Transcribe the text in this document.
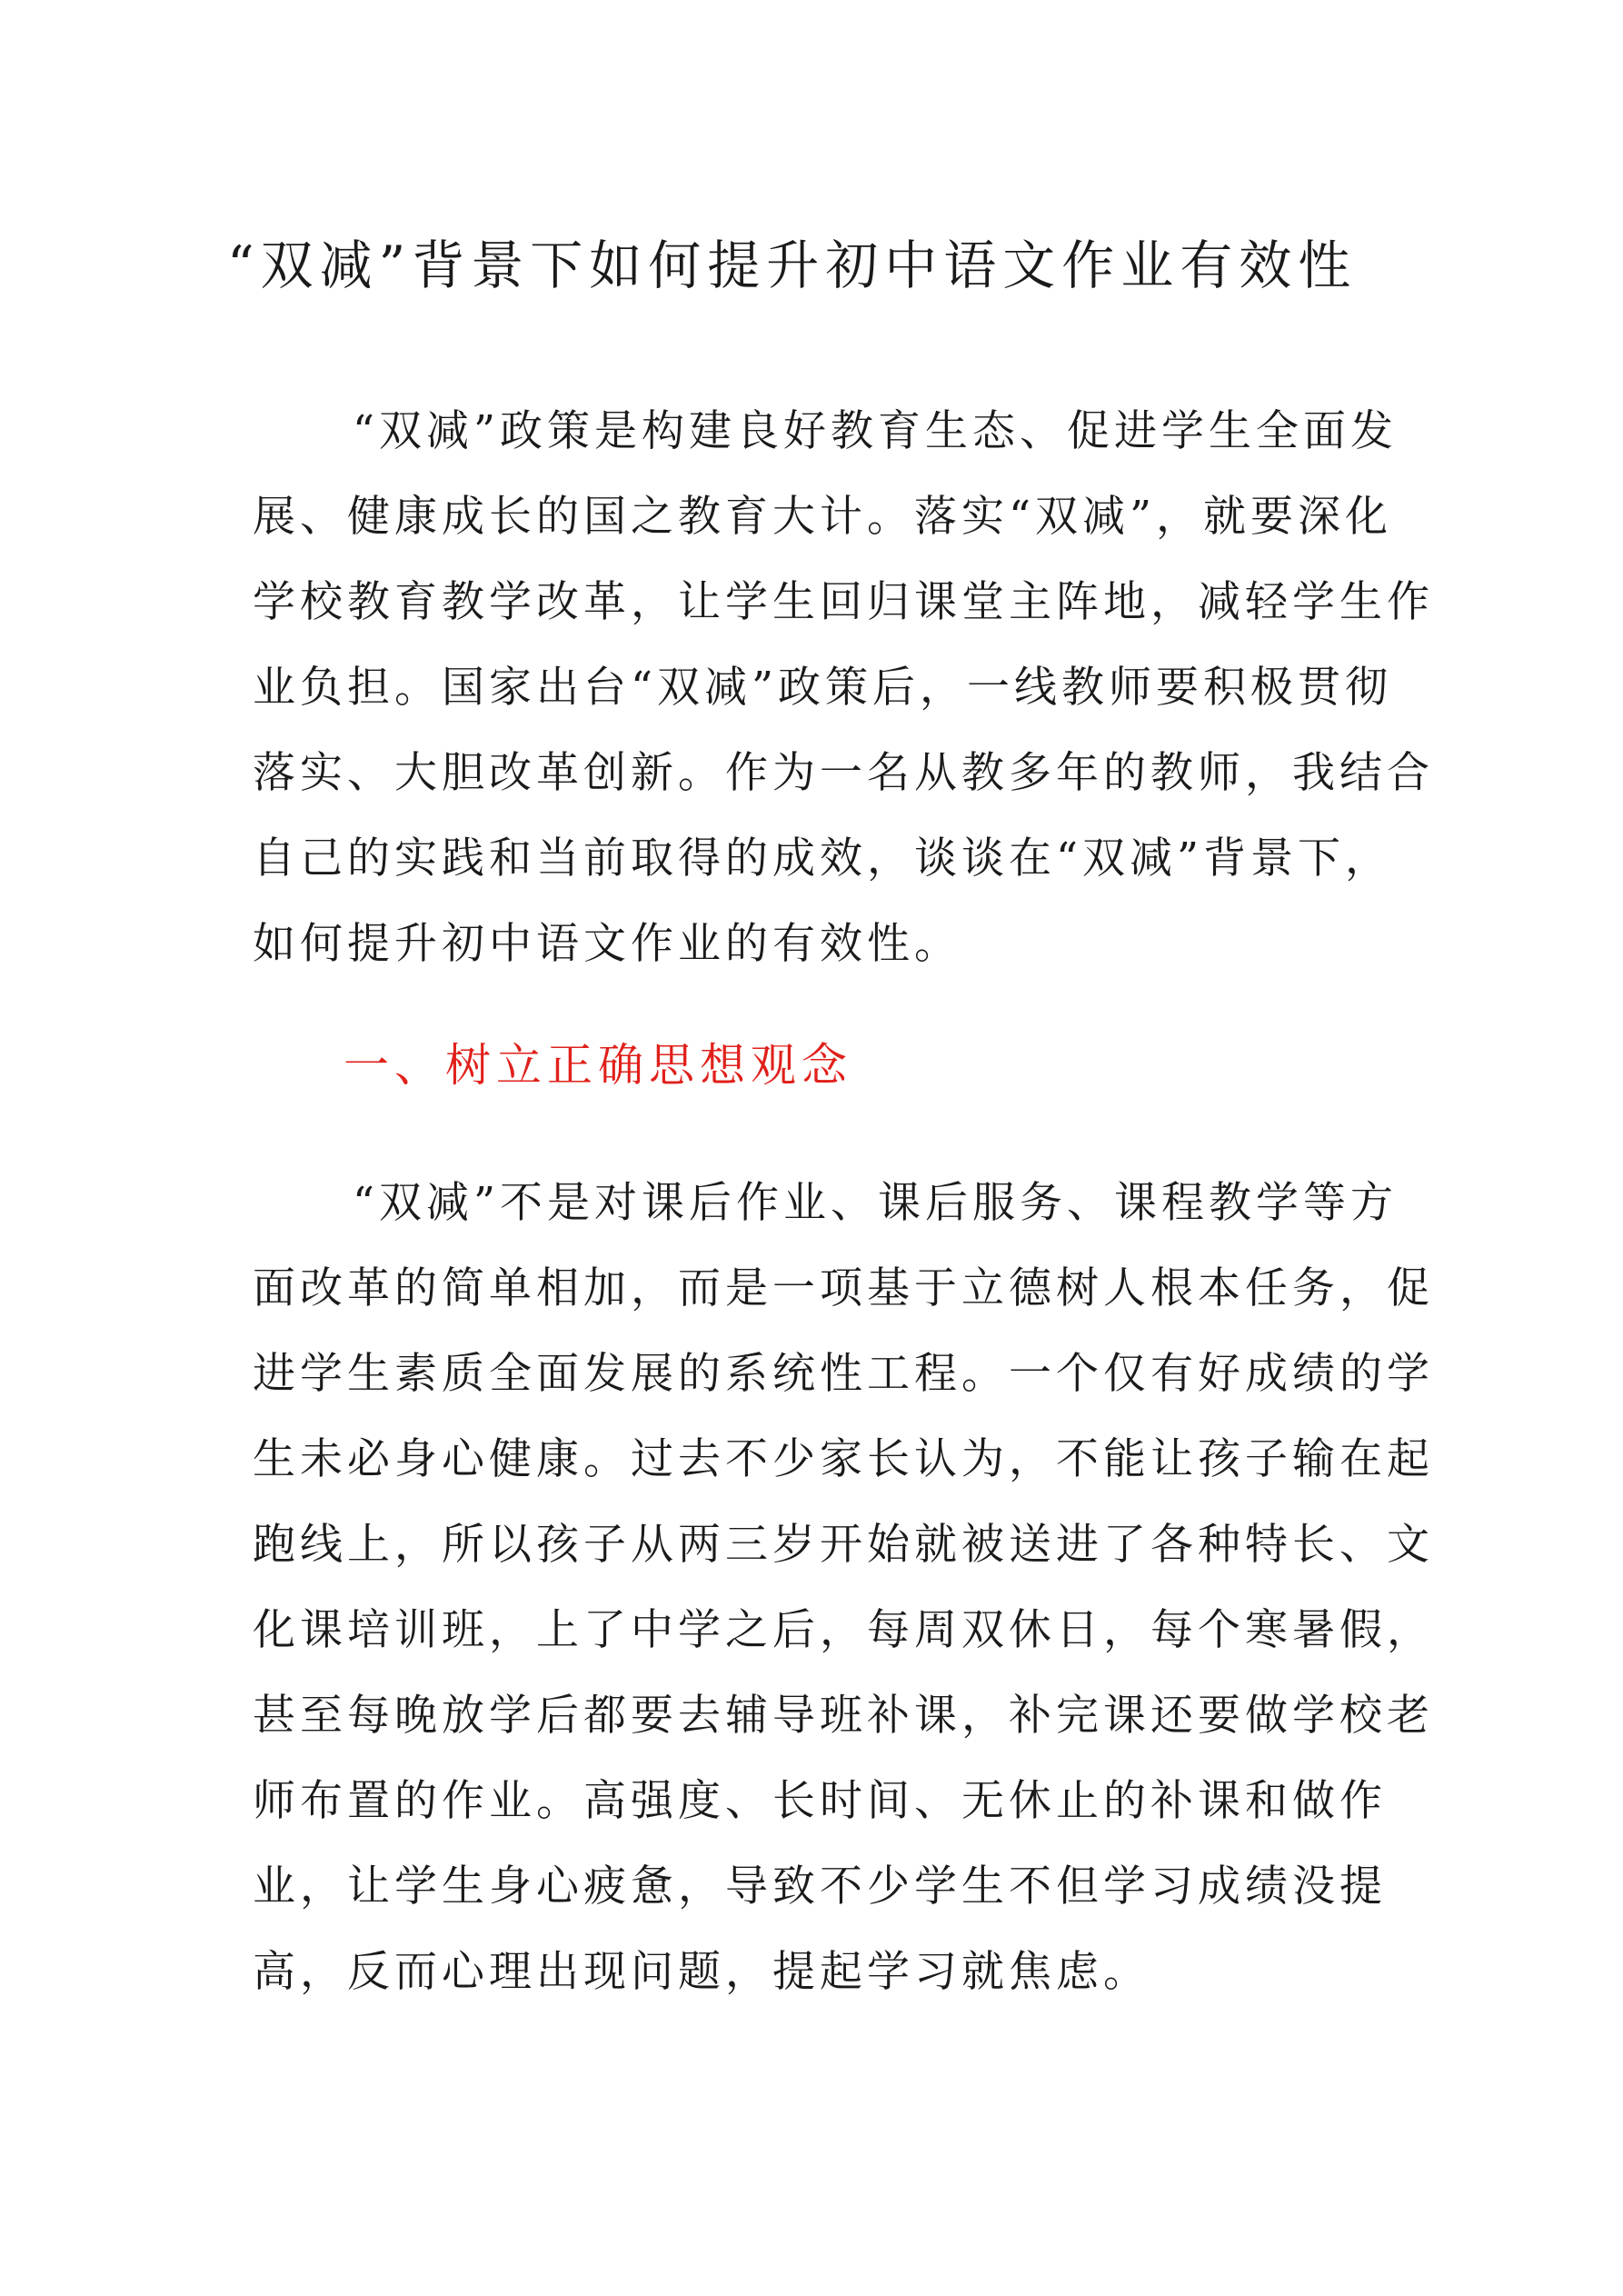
“双减”背景下如何提升初中语文作业有效性

“双减”政策是构建良好教育生态、促进学生全面发
展、健康成长的国之教育大计。落实“双减”，就要深化
学校教育教学改革，让学生回归课堂主阵地，减轻学生作
业负担。国家出台“双减”政策后，一线教师要积极贯彻
落实、大胆改革创新。作为一名从教多年的教师，我结合
自己的实践和当前取得的成效，谈谈在“双减”背景下，
如何提升初中语文作业的有效性。

一、树立正确思想观念

“双减”不是对课后作业、课后服务、课程教学等方
面改革的简单相加，而是一项基于立德树人根本任务，促
进学生素质全面发展的系统性工程。一个仅有好成绩的学
生未必身心健康。过去不少家长认为，不能让孩子输在起
跑线上，所以孩子从两三岁开始就被送进了各种特长、文
化课培训班，上了中学之后，每周双休日，每个寒暑假，
甚至每晚放学后都要去辅导班补课，补完课还要做学校老
师布置的作业。高强度、长时间、无休止的补课和做作
业，让学生身心疲惫，导致不少学生不但学习成绩没提
高，反而心理出现问题，提起学习就焦虑。
